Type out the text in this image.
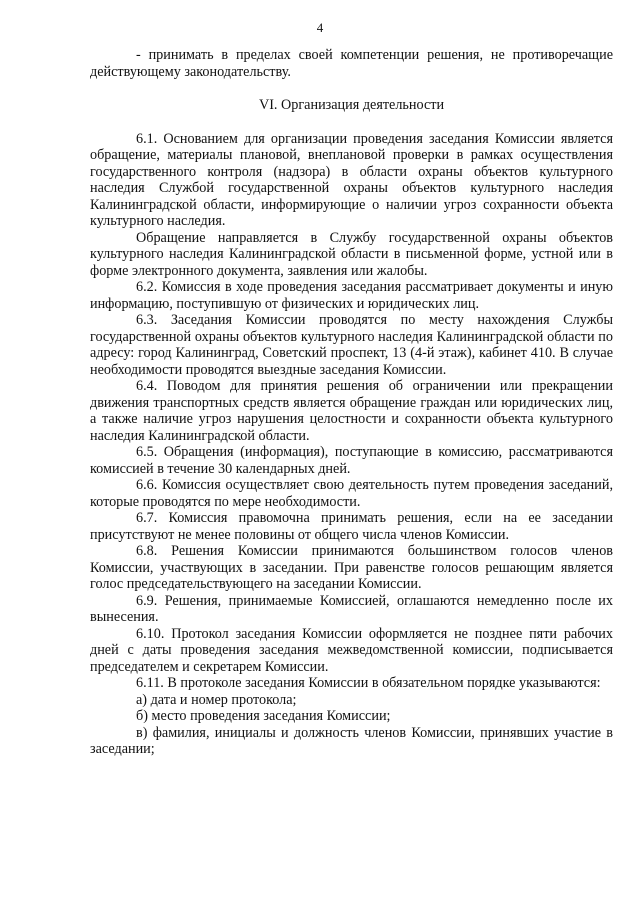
4

- принимать в пределах своей компетенции решения, не противоречащие действующему законодательству.

VI. Организация деятельности

6.1. Основанием для организации проведения заседания Комиссии является обращение, материалы плановой, внеплановой проверки в рамках осуществления государственного контроля (надзора) в области охраны объектов культурного наследия Службой государственной охраны объектов культурного наследия Калининградской области, информирующие о наличии угроз сохранности объекта культурного наследия.

Обращение направляется в Службу государственной охраны объектов культурного наследия Калининградской области в письменной форме, устной или в форме электронного документа, заявления или жалобы.

6.2. Комиссия в ходе проведения заседания рассматривает документы и иную информацию, поступившую от физических и юридических лиц.

6.3. Заседания Комиссии проводятся по месту нахождения Службы государственной охраны объектов культурного наследия Калининградской области по адресу: город Калининград, Советский проспект, 13 (4-й этаж), кабинет 410. В случае необходимости проводятся выездные заседания Комиссии.

6.4. Поводом для принятия решения об ограничении или прекращении движения транспортных средств является обращение граждан или юридических лиц, а также наличие угроз нарушения целостности и сохранности объекта культурного наследия Калининградской области.

6.5. Обращения (информация), поступающие в комиссию, рассматриваются комиссией в течение 30 календарных дней.

6.6. Комиссия осуществляет свою деятельность путем проведения заседаний, которые проводятся по мере необходимости.

6.7. Комиссия правомочна принимать решения, если на ее заседании присутствуют не менее половины от общего числа членов Комиссии.

6.8. Решения Комиссии принимаются большинством голосов членов Комиссии, участвующих в заседании. При равенстве голосов решающим является голос председательствующего на заседании Комиссии.

6.9. Решения, принимаемые Комиссией, оглашаются немедленно после их вынесения.

6.10. Протокол заседания Комиссии оформляется не позднее пяти рабочих дней с даты проведения заседания межведомственной комиссии, подписывается председателем и секретарем Комиссии.

6.11. В протоколе заседания Комиссии в обязательном порядке указываются:

а) дата и номер протокола;

б) место проведения заседания Комиссии;

в) фамилия, инициалы и должность членов Комиссии, принявших участие в заседании;
